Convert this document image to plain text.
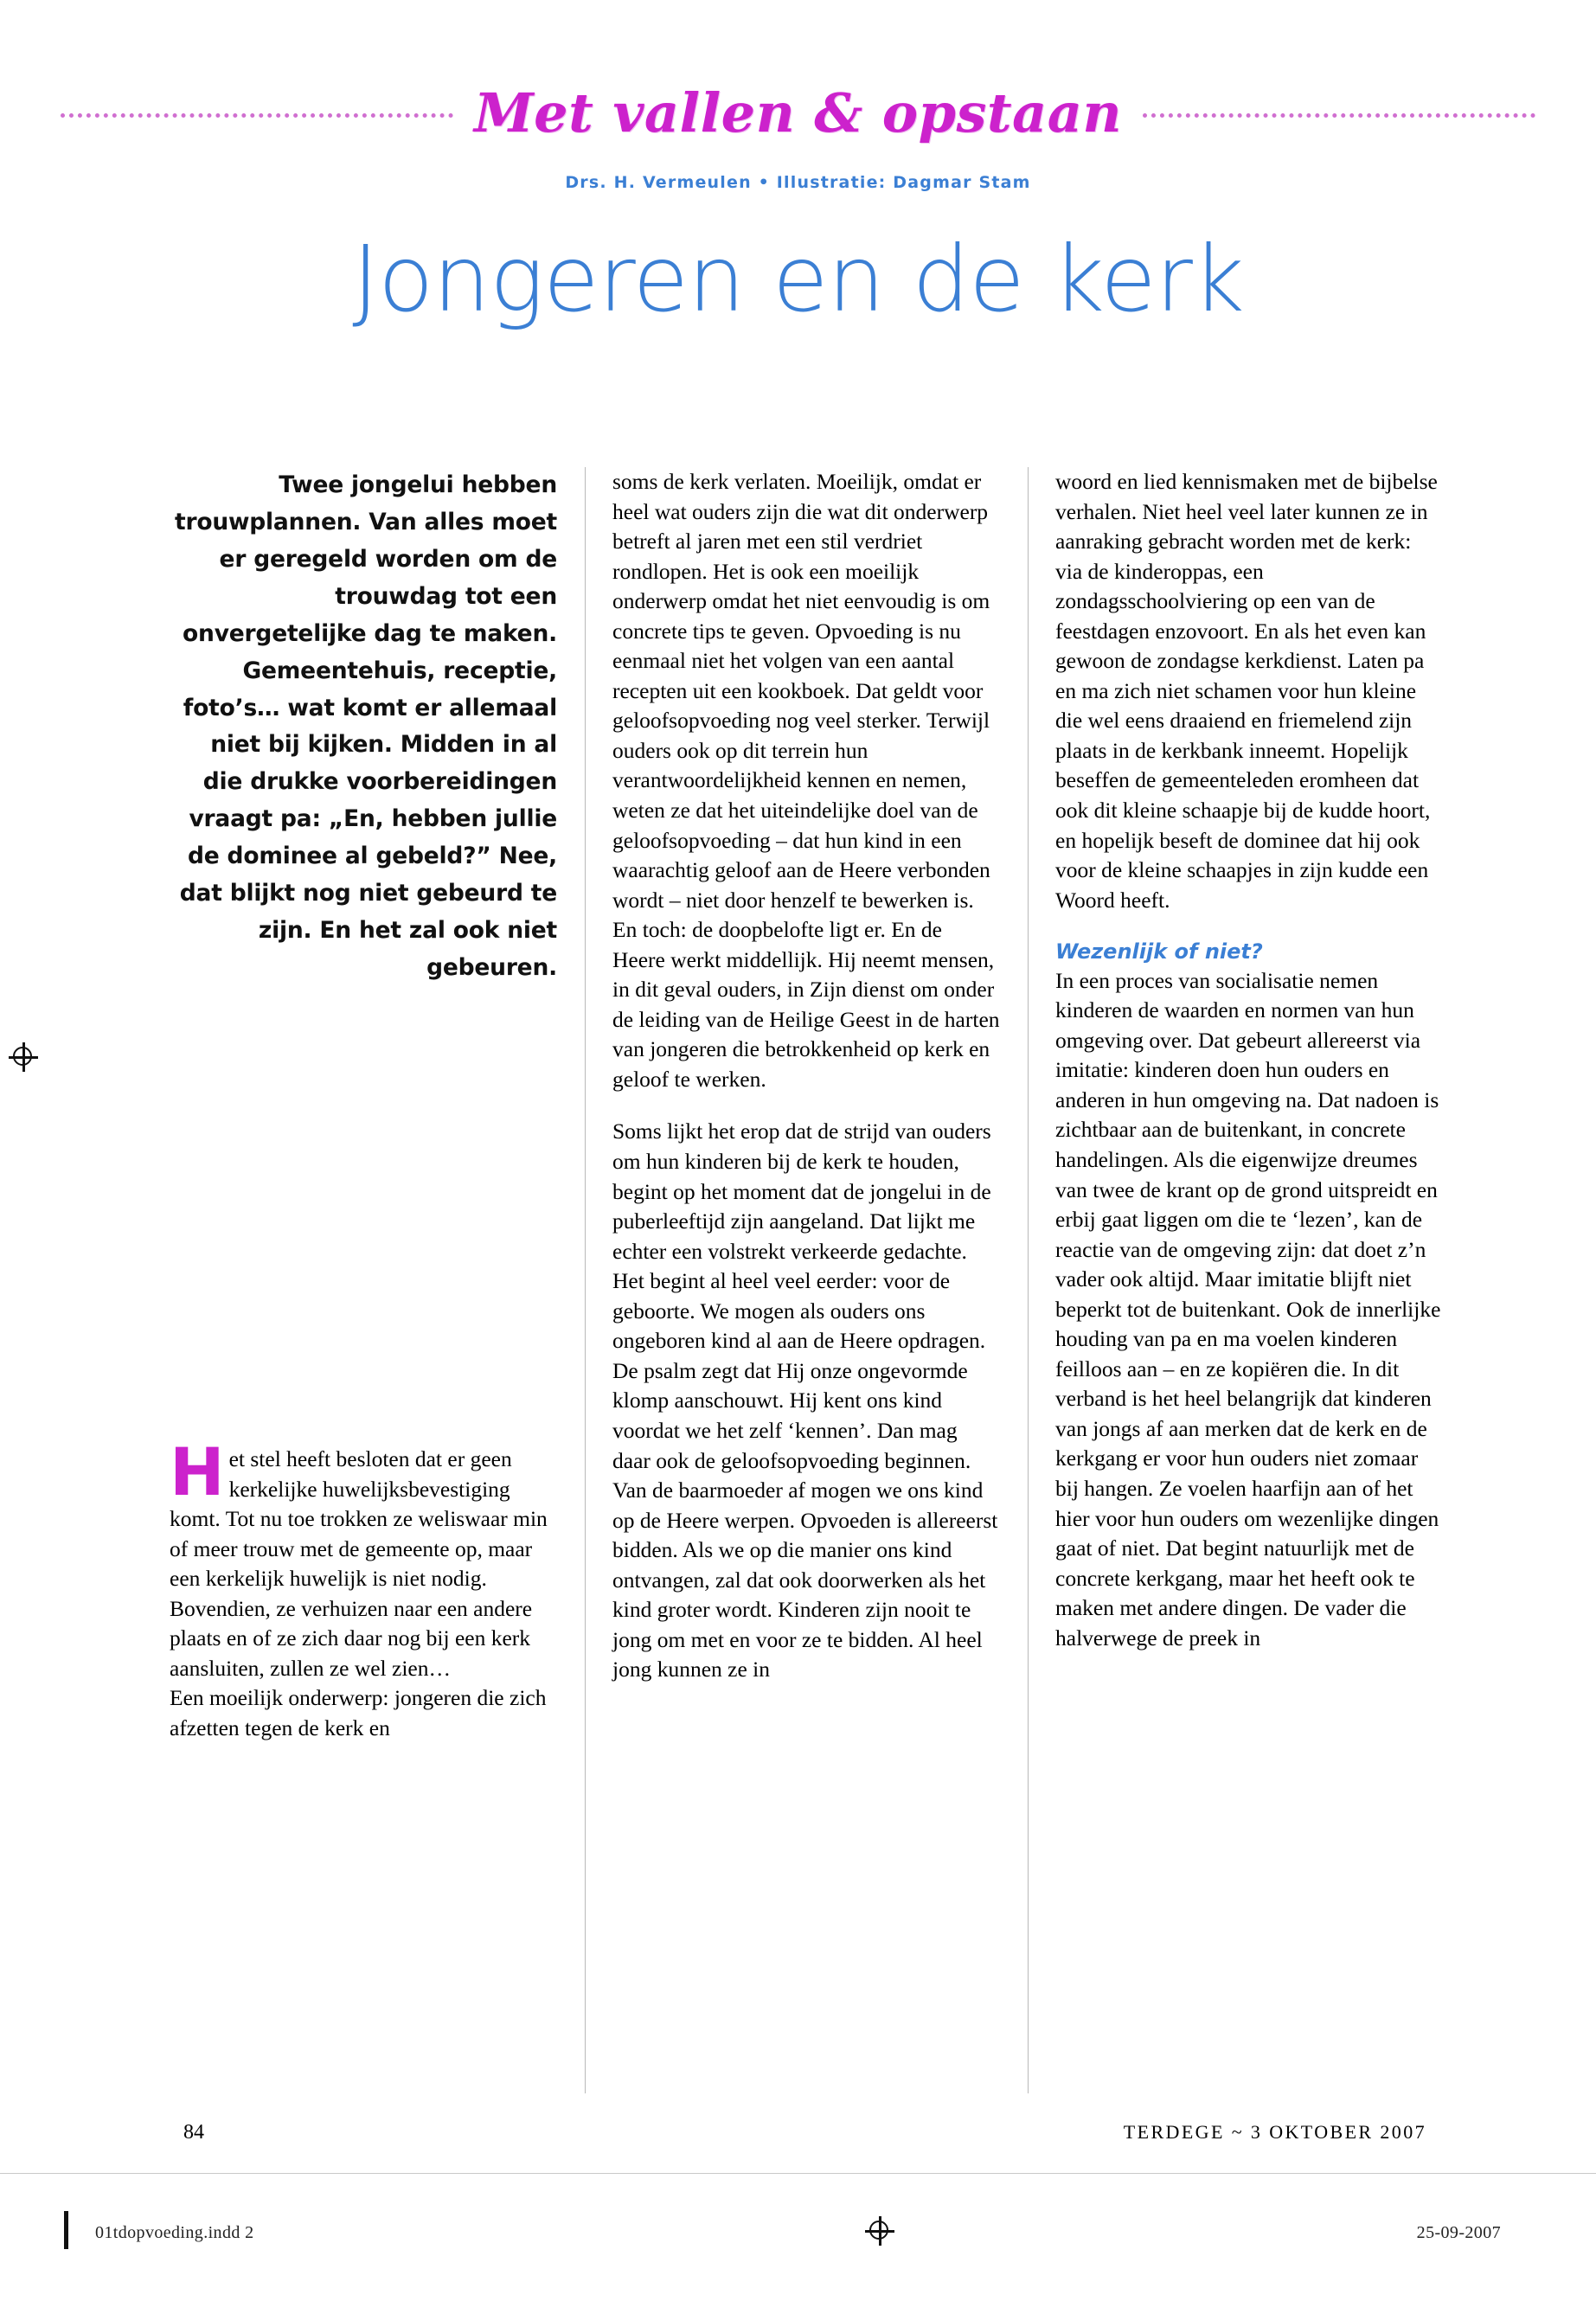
Met vallen & opstaan
Drs. H. Vermeulen • Illustratie: Dagmar Stam
Jongeren en de kerk
Twee jongelui hebben trouwplannen. Van alles moet er geregeld worden om de trouwdag tot een onvergetelijke dag te maken. Gemeentehuis, receptie, foto’s… wat komt er allemaal niet bij kijken. Midden in al die drukke voorbereidingen vraagt pa: „En, hebben jullie de dominee al gebeld?” Nee, dat blijkt nog niet gebeurd te zijn. En het zal ook niet gebeuren.
H et stel heeft besloten dat er geen kerkelijke huwelijksbevestiging komt. Tot nu toe trokken ze weliswaar min of meer trouw met de gemeente op, maar een kerkelijk huwelijk is niet nodig. Bovendien, ze verhuizen naar een andere plaats en of ze zich daar nog bij een kerk aansluiten, zullen ze wel zien…

Een moeilijk onderwerp: jongeren die zich afzetten tegen de kerk en

soms de kerk verlaten. Moeilijk, omdat er heel wat ouders zijn die wat dit onderwerp betreft al jaren met een stil verdriet rondlopen. Het is ook een moeilijk onderwerp omdat het niet eenvoudig is om concrete tips te geven. Opvoeding is nu eenmaal niet het volgen van een aantal recepten uit een kookboek. Dat geldt voor geloofsopvoeding nog veel sterker. Terwijl ouders ook op dit terrein hun verantwoordelijkheid kennen en nemen, weten ze dat het uiteindelijke doel van de geloofsopvoeding – dat hun kind in een waarachtig geloof aan de Heere verbonden wordt – niet door henzelf te bewerken is. En toch: de doopbelofte ligt er. En de Heere werkt middellijk. Hij neemt mensen, in dit geval ouders, in Zijn dienst om onder de leiding van de Heilige Geest in de harten van jongeren die betrokkenheid op kerk en geloof te werken.

Soms lijkt het erop dat de strijd van ouders om hun kinderen bij de kerk te houden, begint op het moment dat de jongelui in de puberleeftijd zijn aangeland. Dat lijkt me echter een volstrekt verkeerde gedachte. Het begint al heel veel eerder: voor de geboorte. We mogen als ouders ons ongeboren kind al aan de Heere opdragen. De psalm zegt dat Hij onze ongevormde klomp aanschouwt. Hij kent ons kind voordat we het zelf ‘kennen’. Dan mag daar ook de geloofsopvoeding beginnen. Van de baarmoeder af mogen we ons kind op de Heere werpen. Opvoeden is allereerst bidden. Als we op die manier ons kind ontvangen, zal dat ook doorwerken als het kind groter wordt. Kinderen zijn nooit te jong om met en voor ze te bidden. Al heel jong kunnen ze in

woord en lied kennismaken met de bijbelse verhalen. Niet heel veel later kunnen ze in aanraking gebracht worden met de kerk: via de kinderoppas, een zondagsschoolviering op een van de feestdagen enzovoort. En als het even kan gewoon de zondagse kerkdienst. Laten pa en ma zich niet schamen voor hun kleine die wel eens draaiend en friemelend zijn plaats in de kerkbank inneemt. Hopelijk beseffen de gemeenteleden eromheen dat ook dit kleine schaapje bij de kudde hoort, en hopelijk beseft de dominee dat hij ook voor de kleine schaapjes in zijn kudde een Woord heeft.

Wezenlijk of niet?

In een proces van socialisatie nemen kinderen de waarden en normen van hun omgeving over. Dat gebeurt allereerst via imitatie: kinderen doen hun ouders en anderen in hun omgeving na. Dat nadoen is zichtbaar aan de buitenkant, in concrete handelingen. Als die eigenwijze dreumes van twee de krant op de grond uitspreidt en erbij gaat liggen om die te ‘lezen’, kan de reactie van de omgeving zijn: dat doet z’n vader ook altijd. Maar imitatie blijft niet beperkt tot de buitenkant. Ook de innerlijke houding van pa en ma voelen kinderen feilloos aan – en ze kopiëren die. In dit verband is het heel belangrijk dat kinderen van jongs af aan merken dat de kerk en de kerkgang er voor hun ouders niet zomaar bij hangen. Ze voelen haarfijn aan of het hier voor hun ouders om wezenlijke dingen gaat of niet. Dat begint natuurlijk met de concrete kerkgang, maar het heeft ook te maken met andere dingen. De vader die halverwege de preek in

84	TERDEGE ~ 3 OKTOBER 2007
01tdopvoeding.indd 2	25-09-2007
